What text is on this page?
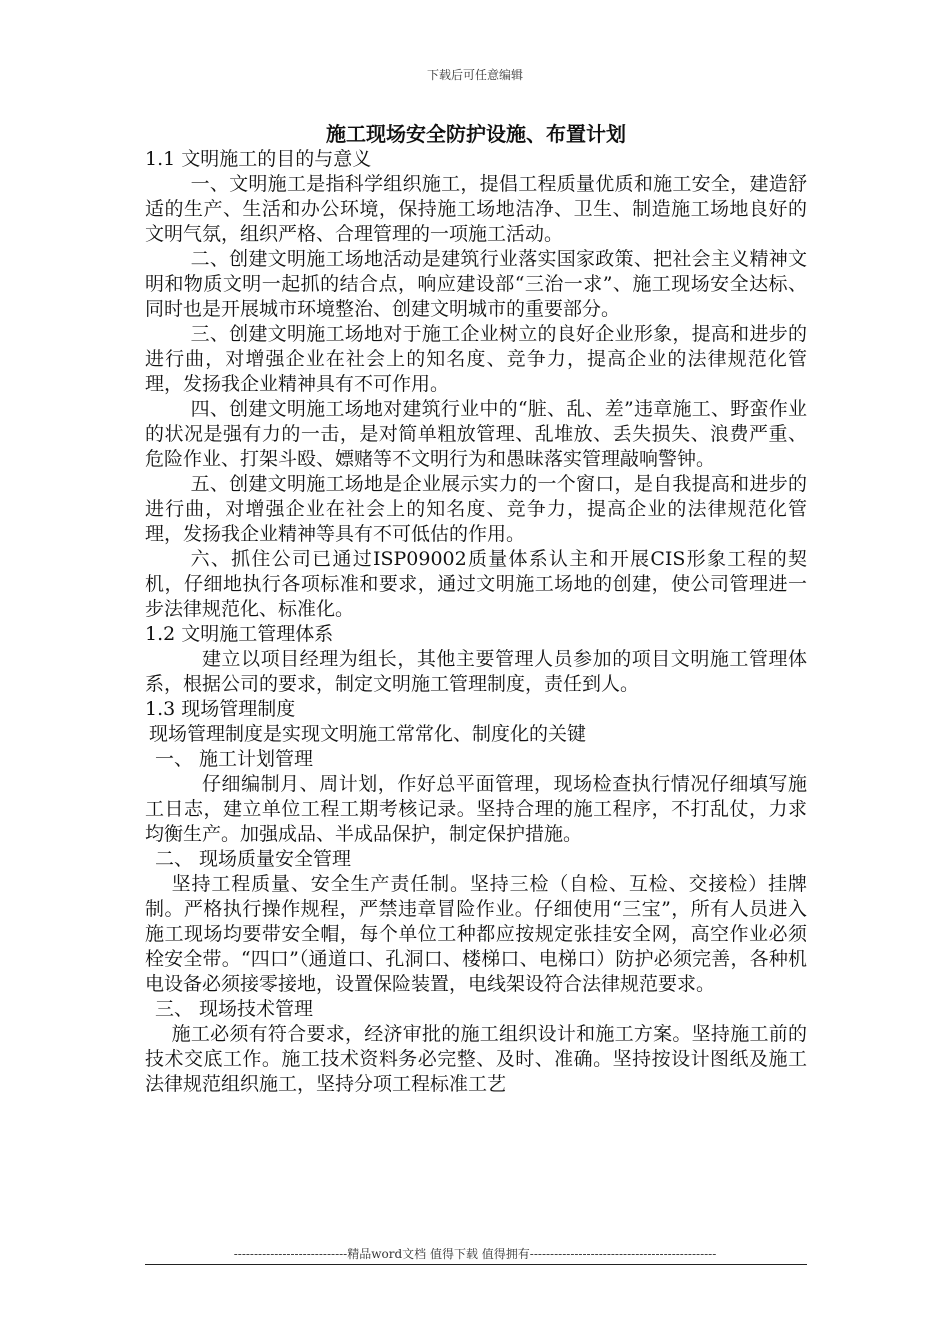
下载后可任意编辑
施工现场安全防护设施、布置计划

1.1 文明施工的目的与意义

一、文明施工是指科学组织施工，提倡工程质量优质和施工安全，建造舒适的生产、生活和办公环境，保持施工场地洁净、卫生、制造施工场地良好的文明气氛，组织严格、合理管理的一项施工活动。

二、创建文明施工场地活动是建筑行业落实国家政策、把社会主义精神文明和物质文明一起抓的结合点，响应建设部“三治一求”、施工现场安全达标、同时也是开展城市环境整治、创建文明城市的重要部分。

三、创建文明施工场地对于施工企业树立的良好企业形象，提高和进步的进行曲，对增强企业在社会上的知名度、竞争力，提高企业的法律规范化管理，发扬我企业精神具有不可作用。

四、创建文明施工场地对建筑行业中的“脏、乱、差”违章施工、野蛮作业的状况是强有力的一击，是对简单粗放管理、乱堆放、丢失损失、浪费严重、危险作业、打架斗殴、嫖赌等不文明行为和愚昧落实管理敲响警钟。

五、创建文明施工场地是企业展示实力的一个窗口，是自我提高和进步的进行曲，对增强企业在社会上的知名度、竞争力，提高企业的法律规范化管理，发扬我企业精神等具有不可低估的作用。

六、抓住公司已通过ISP09002质量体系认主和开展CIS形象工程的契机，仔细地执行各项标准和要求，通过文明施工场地的创建，使公司管理进一步法律规范化、标准化。

1.2 文明施工管理体系

建立以项目经理为组长，其他主要管理人员参加的项目文明施工管理体系，根据公司的要求，制定文明施工管理制度，责任到人。

1.3 现场管理制度

现场管理制度是实现文明施工常常化、制度化的关键

一、 施工计划管理

仔细编制月、周计划，作好总平面管理，现场检查执行情况仔细填写施工日志，建立单位工程工期考核记录。坚持合理的施工程序，不打乱仗，力求均衡生产。加强成品、半成品保护，制定保护措施。

二、 现场质量安全管理

坚持工程质量、安全生产责任制。坚持三检（自检、互检、交接检）挂牌制。严格执行操作规程，严禁违章冒险作业。仔细使用“三宝”，所有人员进入施工现场均要带安全帽，每个单位工种都应按规定张挂安全网，高空作业必须栓安全带。“四口”（通道口、孔洞口、楼梯口、电梯口）防护必须完善，各种机电设备必须接零接地，设置保险装置，电线架设符合法律规范要求。

三、 现场技术管理

施工必须有符合要求，经济审批的施工组织设计和施工方案。坚持施工前的技术交底工作。施工技术资料务必完整、及时、准确。坚持按设计图纸及施工法律规范组织施工，坚持分项工程标准工艺

----------------------------精品word文档 值得下载 值得拥有----------------------------------------------
